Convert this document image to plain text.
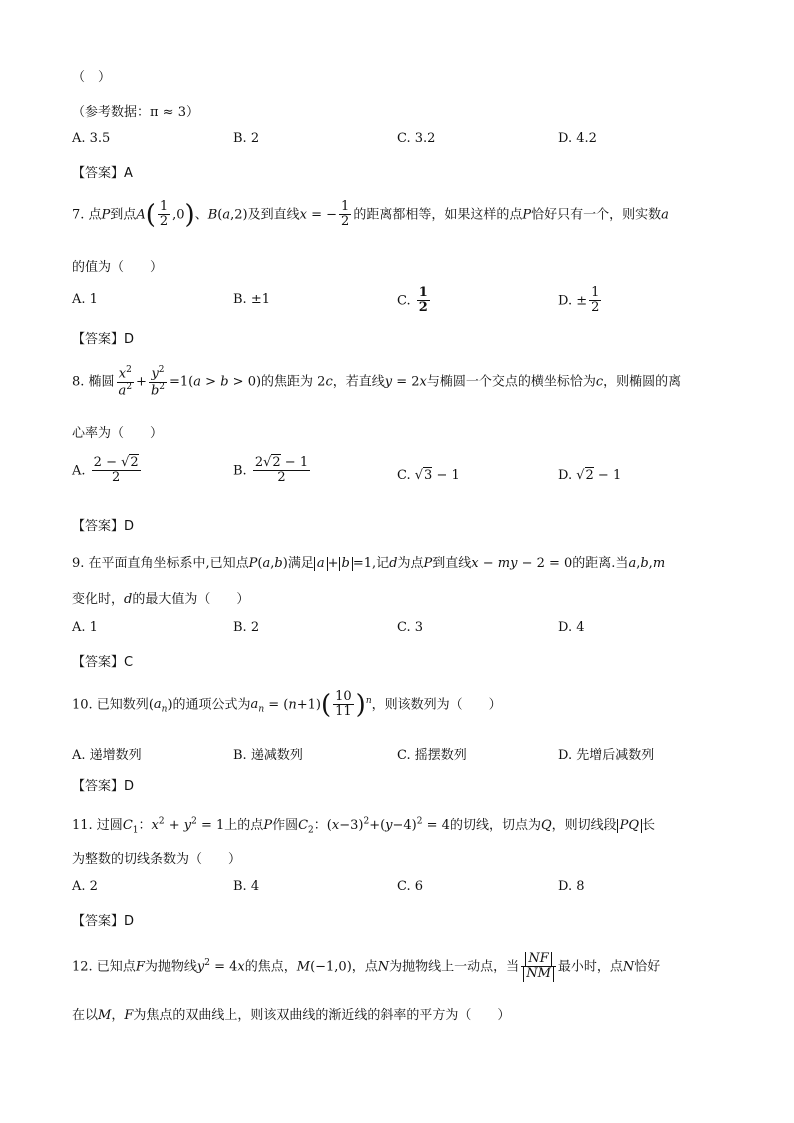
（　）
（参考数据：π ≈ 3）
A. 3.5	B. 2	C. 3.2	D. 4.2
【答案】A
7. 点P到点$A( \frac{1}{2} ,0)$、B(a,2)及到直线x = − $\frac{1}{2}$ 的距离都相等，如果这样的点P恰好只有一个，则实数a
的值为（　　）
A. 1	B. ±1	C. $\frac{1}{2}$	D. ± $\frac{1}{2}$
【答案】D
8. 椭圆 $\frac{x^2}{a^2} + \frac{y^2}{b^2} =1(a > b > 0)$的焦距为 2c，若直线y = 2x与椭圆一个交点的横坐标恰为c，则椭圆的离
心率为（　　）
A. $\frac{2 - √2}{2}$	B. $\frac{2√2 - 1}{2}$	C. √3 − 1	D. √2 − 1
【答案】D
9. 在平面直角坐标系中,已知点P(a,b)满足 a + b =1,记d为点P到直线x − my − 2 = 0的距离.当a,b,m
变化时，d的最大值为（　　）
A. 1	B. 2	C. 3	D. 4
【答案】C
10. 已知数列$(a_n)$的通项公式为$a_n = (n+1)( \frac{10}{11} )^n$，则该数列为（　　）
A. 递增数列	B. 递减数列	C. 摇摆数列	D. 先增后减数列
【答案】D
11. 过圆$C_1$：$x^2 + y^2 = 1$上的点P作圆$C_2$：$(x-3)^2+(y-4)^2 = 4$的切线，切点为Q，则切线段 PQ 长
为整数的切线条数为（　　）
A. 2	B. 4	C. 6	D. 8
【答案】D
12. 已知点F为抛物线$y^2 = 4x$的焦点，M(−1,0)，点N为抛物线上一动点，当 $\frac{NF}{NM}$ 最小时，点N恰好
在以M，F为焦点的双曲线上，则该双曲线的渐近线的斜率的平方为（　　）
